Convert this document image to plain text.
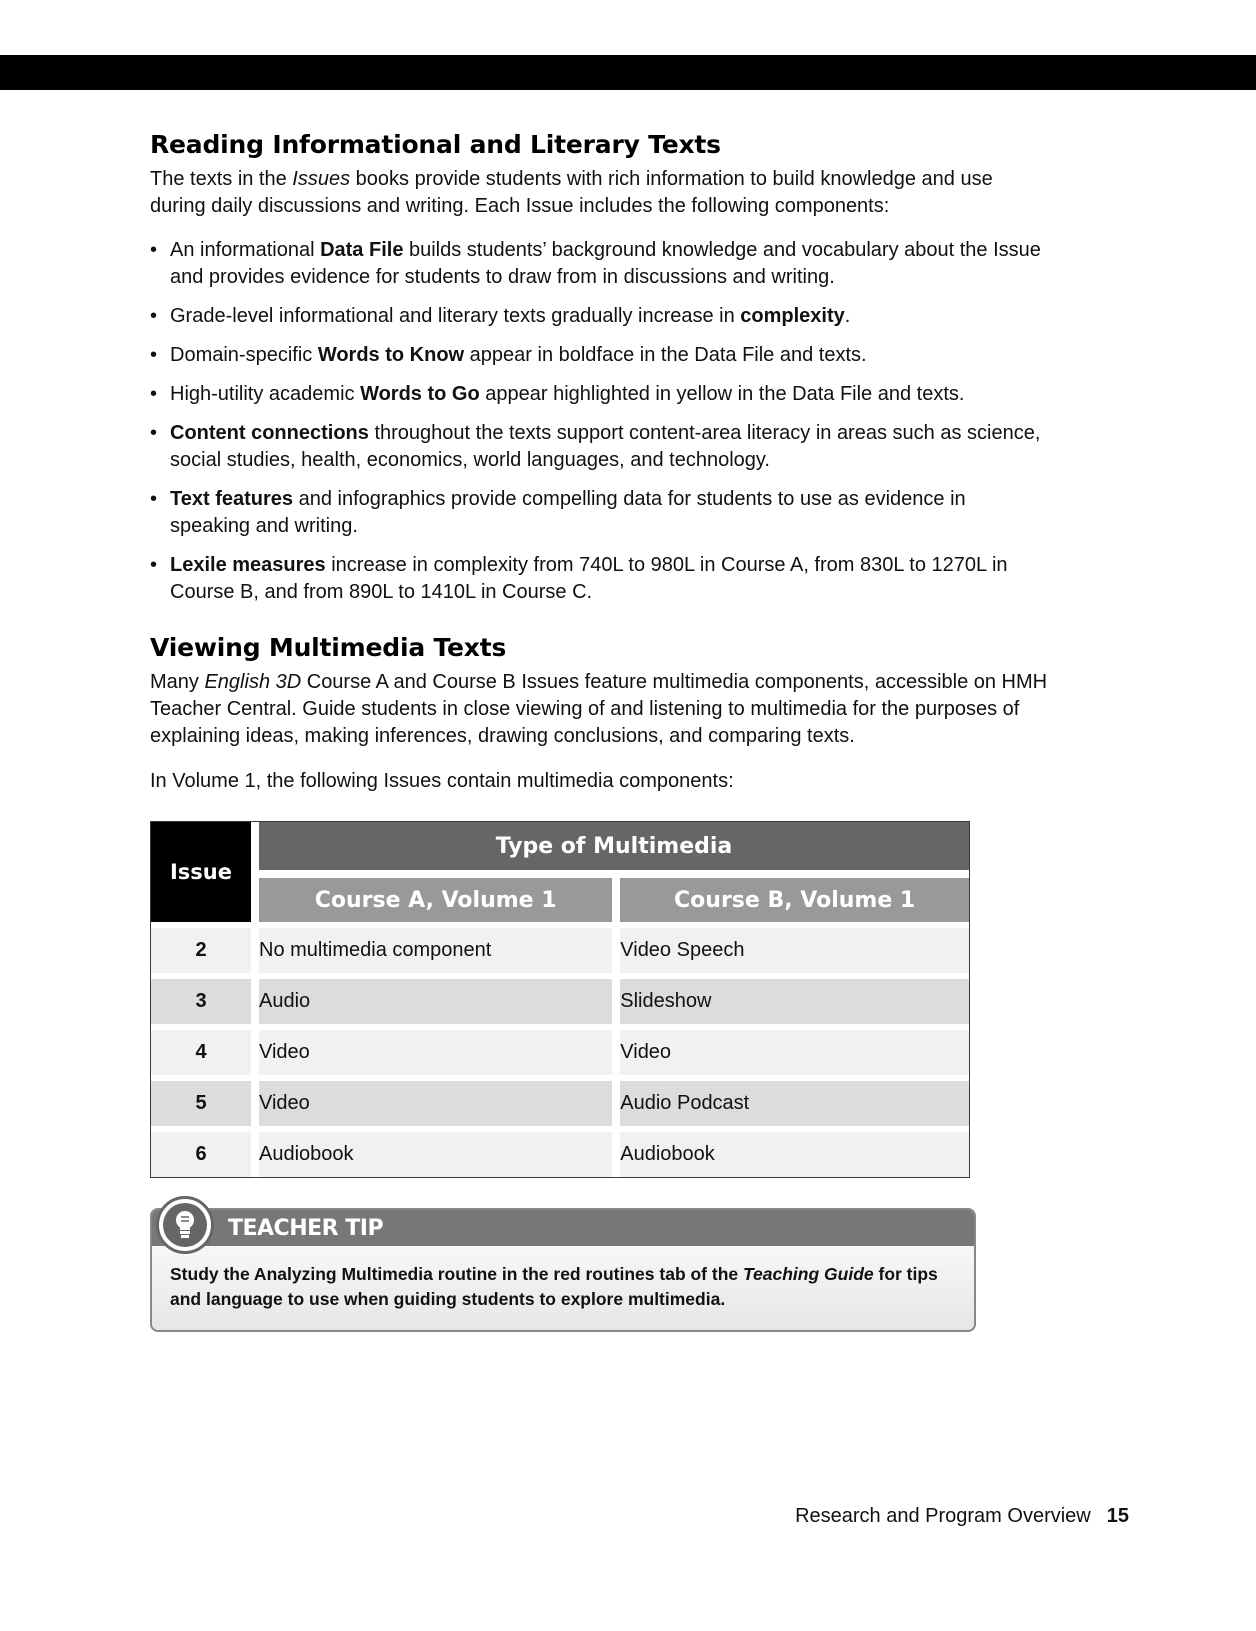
Reading Informational and Literary Texts

The texts in the Issues books provide students with rich information to build knowledge and use during daily discussions and writing. Each Issue includes the following components:

• An informational Data File builds students’ background knowledge and vocabulary about the Issue and provides evidence for students to draw from in discussions and writing.
• Grade-level informational and literary texts gradually increase in complexity.
• Domain-specific Words to Know appear in boldface in the Data File and texts.
• High-utility academic Words to Go appear highlighted in yellow in the Data File and texts.
• Content connections throughout the texts support content-area literacy in areas such as science, social studies, health, economics, world languages, and technology.
• Text features and infographics provide compelling data for students to use as evidence in speaking and writing.
• Lexile measures increase in complexity from 740L to 980L in Course A, from 830L to 1270L in Course B, and from 890L to 1410L in Course C.
Viewing Multimedia Texts

Many English 3D Course A and Course B Issues feature multimedia components, accessible on HMH Teacher Central. Guide students in close viewing of and listening to multimedia for the purposes of explaining ideas, making inferences, drawing conclusions, and comparing texts.

In Volume 1, the following Issues contain multimedia components:

Issue	Type of Multimedia	
	Course A, Volume 1	Course B, Volume 1
2	No multimedia component	Video Speech
3	Audio	Slideshow
4	Video	Video
5	Video	Audio Podcast
6	Audiobook	Audiobook
TEACHER TIP
Study the Analyzing Multimedia routine in the red routines tab of the Teaching Guide for tips and language to use when guiding students to explore multimedia.
Research and Program Overview 15
